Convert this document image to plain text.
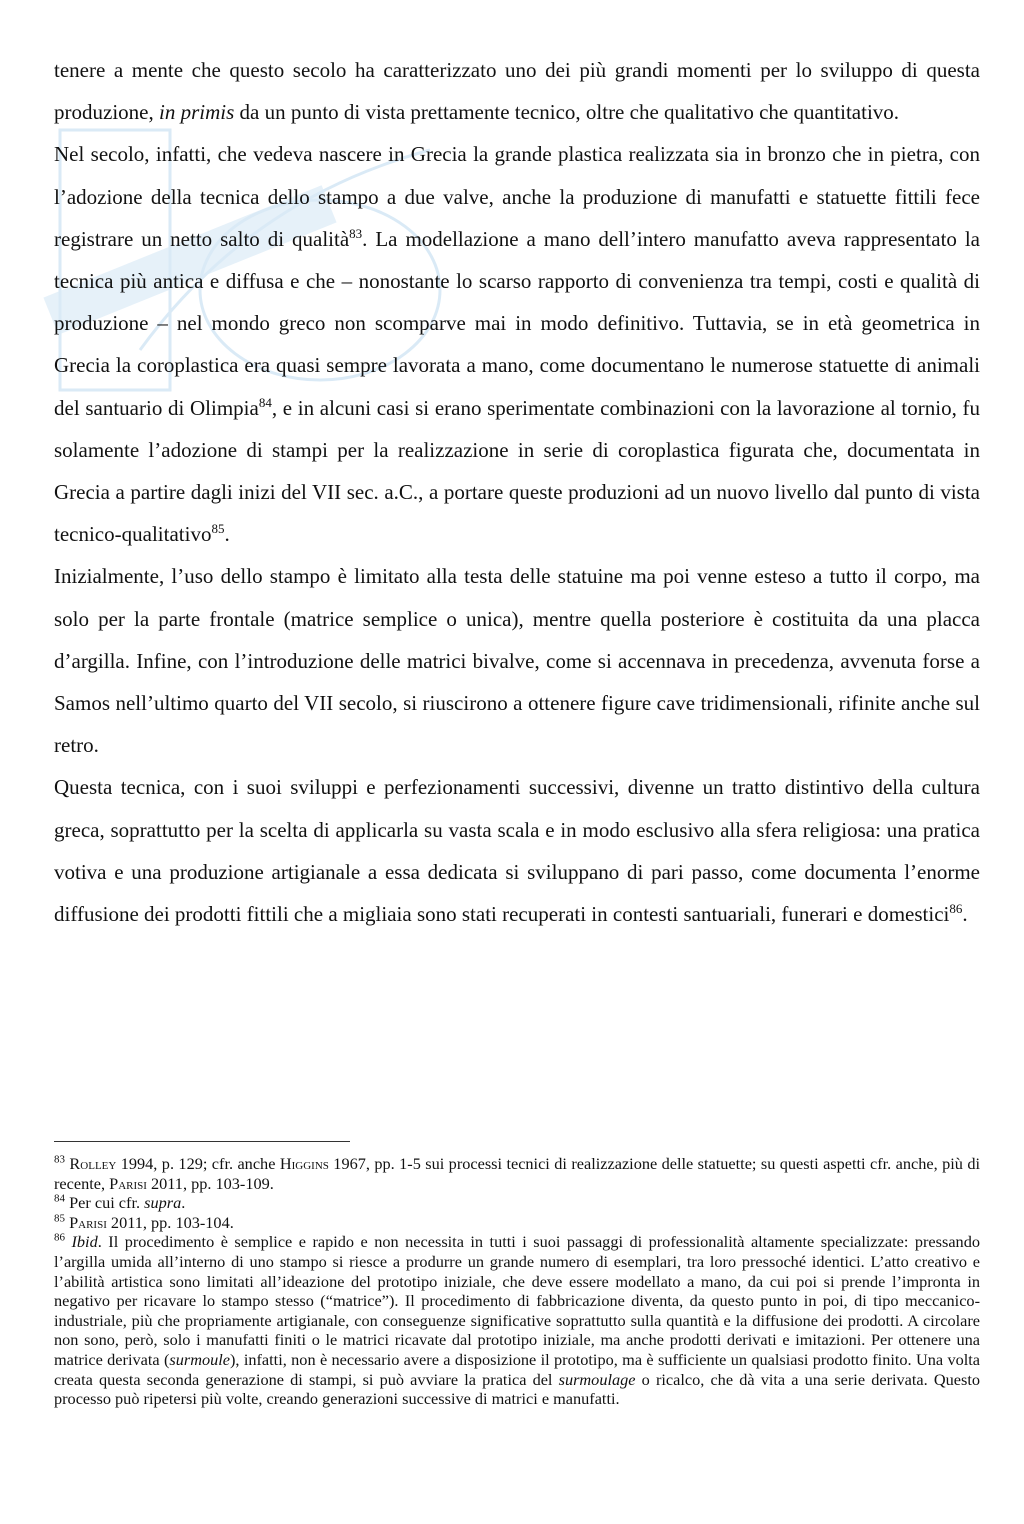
tenere a mente che questo secolo ha caratterizzato uno dei più grandi momenti per lo sviluppo di questa produzione, in primis da un punto di vista prettamente tecnico, oltre che qualitativo che quantitativo.

Nel secolo, infatti, che vedeva nascere in Grecia la grande plastica realizzata sia in bronzo che in pietra, con l’adozione della tecnica dello stampo a due valve, anche la produzione di manufatti e statuette fittili fece registrare un netto salto di qualità$^{83}$. La modellazione a mano dell’intero manufatto aveva rappresentato la tecnica più antica e diffusa e che – nonostante lo scarso rapporto di convenienza tra tempi, costi e qualità di produzione – nel mondo greco non scomparve mai in modo definitivo. Tuttavia, se in età geometrica in Grecia la coroplastica era quasi sempre lavorata a mano, come documentano le numerose statuette di animali del santuario di Olimpia$^{84}$, e in alcuni casi si erano sperimentate combinazioni con la lavorazione al tornio, fu solamente l’adozione di stampi per la realizzazione in serie di coroplastica figurata che, documentata in Grecia a partire dagli inizi del VII sec. a.C., a portare queste produzioni ad un nuovo livello dal punto di vista tecnico-qualitativo$^{85}$.

Inizialmente, l’uso dello stampo è limitato alla testa delle statuine ma poi venne esteso a tutto il corpo, ma solo per la parte frontale (matrice semplice o unica), mentre quella posteriore è costituita da una placca d’argilla. Infine, con l’introduzione delle matrici bivalve, come si accennava in precedenza, avvenuta forse a Samos nell’ultimo quarto del VII secolo, si riuscirono a ottenere figure cave tridimensionali, rifinite anche sul retro.

Questa tecnica, con i suoi sviluppi e perfezionamenti successivi, divenne un tratto distintivo della cultura greca, soprattutto per la scelta di applicarla su vasta scala e in modo esclusivo alla sfera religiosa: una pratica votiva e una produzione artigianale a essa dedicata si sviluppano di pari passo, come documenta l’enorme diffusione dei prodotti fittili che a migliaia sono stati recuperati in contesti santuariali, funerari e domestici$^{86}$.

$^{83}$ Rolley 1994, p. 129; cfr. anche Higgins 1967, pp. 1-5 sui processi tecnici di realizzazione delle statuette; su questi aspetti cfr. anche, più di recente, Parisi 2011, pp. 103-109.

$^{84}$ Per cui cfr. supra.

$^{85}$ Parisi 2011, pp. 103-104.

$^{86}$ Ibid. Il procedimento è semplice e rapido e non necessita in tutti i suoi passaggi di professionalità altamente specializzate: pressando l’argilla umida all’interno di uno stampo si riesce a produrre un grande numero di esemplari, tra loro pressoché identici. L’atto creativo e l’abilità artistica sono limitati all’ideazione del prototipo iniziale, che deve essere modellato a mano, da cui poi si prende l’impronta in negativo per ricavare lo stampo stesso (“matrice”). Il procedimento di fabbricazione diventa, da questo punto in poi, di tipo meccanico-industriale, più che propriamente artigianale, con conseguenze significative soprattutto sulla quantità e la diffusione dei prodotti. A circolare non sono, però, solo i manufatti finiti o le matrici ricavate dal prototipo iniziale, ma anche prodotti derivati e imitazioni. Per ottenere una matrice derivata (surmoule), infatti, non è necessario avere a disposizione il prototipo, ma è sufficiente un qualsiasi prodotto finito. Una volta creata questa seconda generazione di stampi, si può avviare la pratica del surmoulage o ricalco, che dà vita a una serie derivata. Questo processo può ripetersi più volte, creando generazioni successive di matrici e manufatti.
